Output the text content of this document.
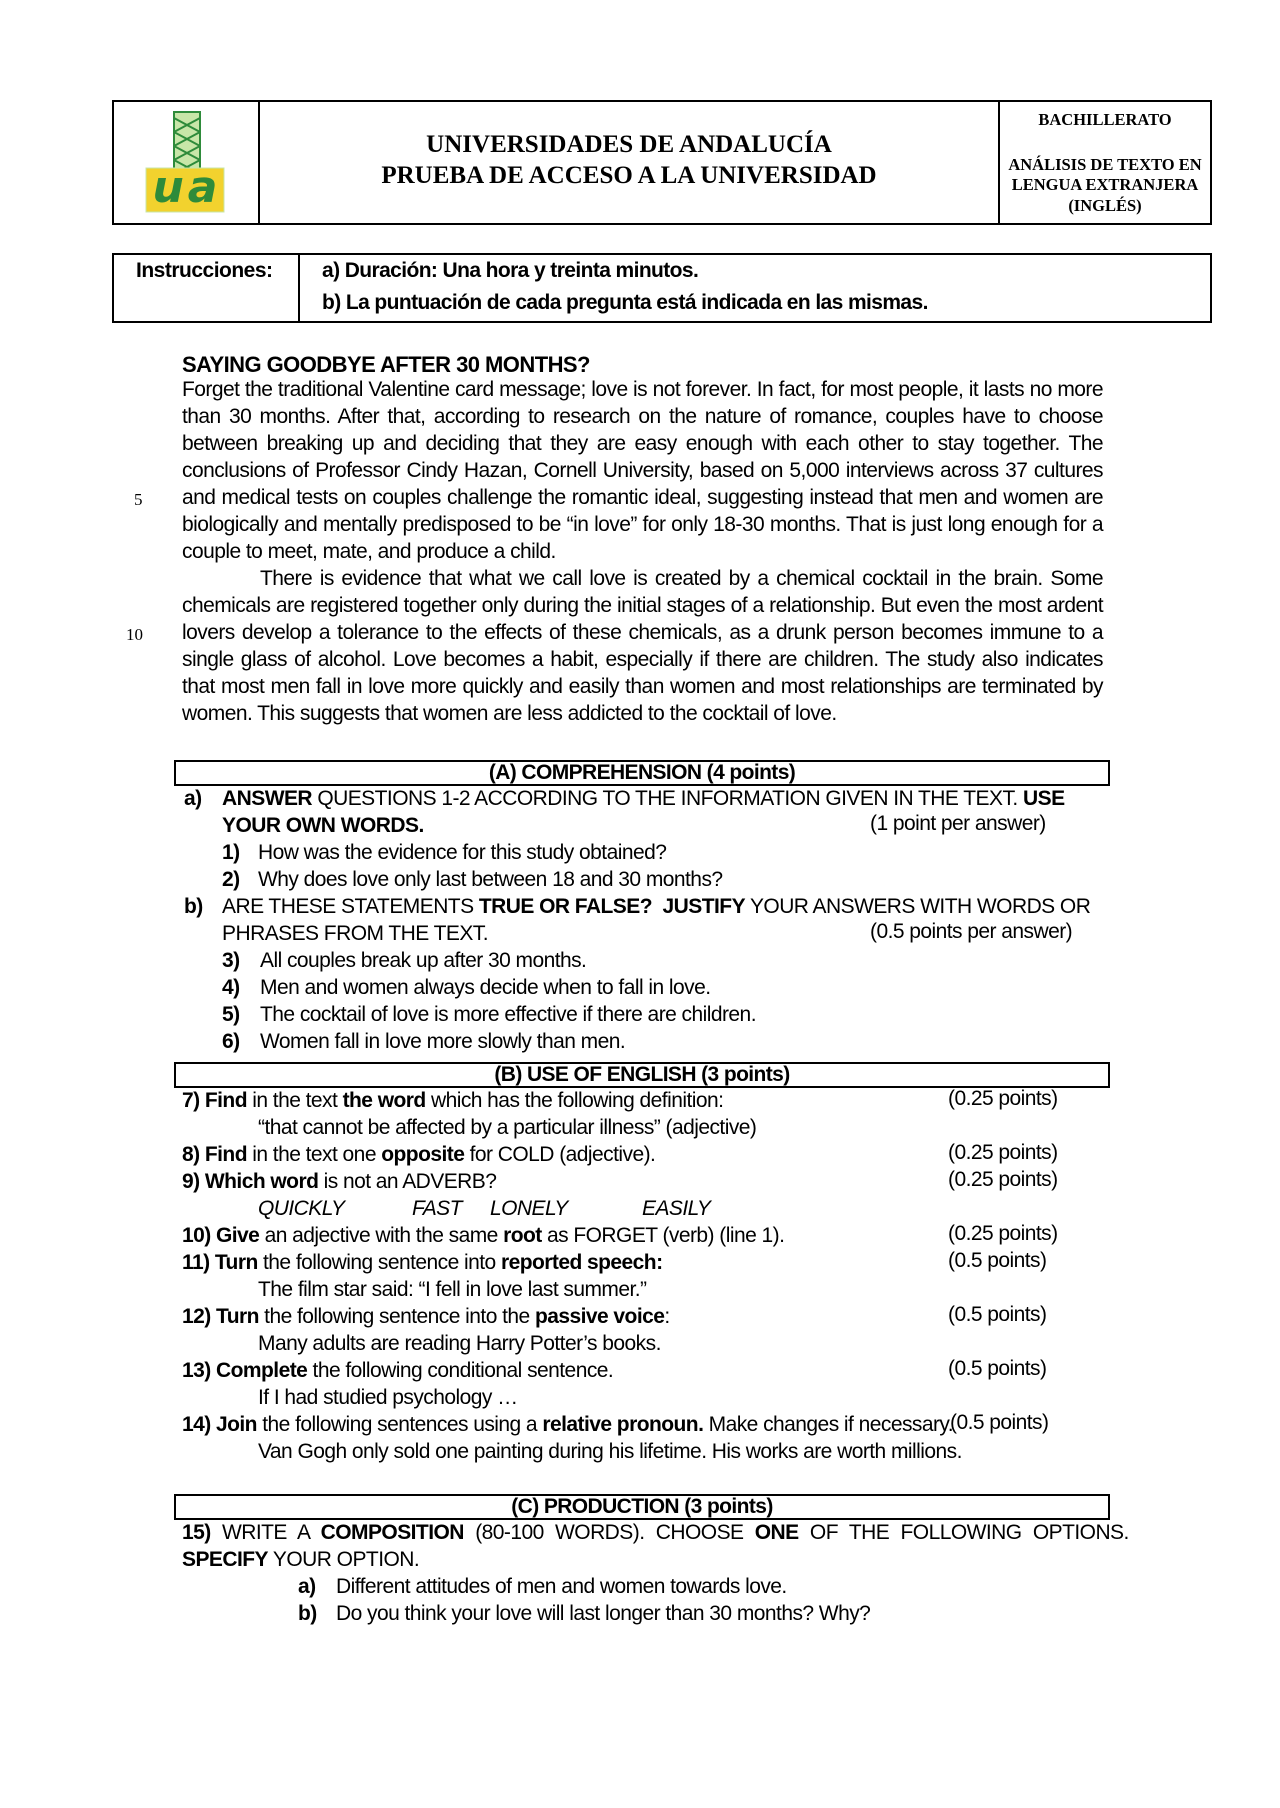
ua
UNIVERSIDADES DE ANDALUCÍA
PRUEBA DE ACCESO A LA UNIVERSIDAD
BACHILLERATO
ANÁLISIS DE TEXTO EN
LENGUA EXTRANJERA
(INGLÉS)
Instrucciones:	a) Duración: Una hora y treinta minutos.
b) La puntuación de cada pregunta está indicada en las mismas.
SAYING GOODBYE AFTER 30 MONTHS?
Forget the traditional Valentine card message; love is not forever. In fact, for most people, it lasts no more
than 30 months. After that, according to research on the nature of romance, couples have to choose
between breaking up and deciding that they are easy enough with each other to stay together. The
conclusions of Professor Cindy Hazan, Cornell University, based on 5,000 interviews across 37 cultures
and medical tests on couples challenge the romantic ideal, suggesting instead that men and women are
biologically and mentally predisposed to be “in love” for only 18-30 months. That is just long enough for a
couple to meet, mate, and produce a child.
5
There is evidence that what we call love is created by a chemical cocktail in the brain. Some
chemicals are registered together only during the initial stages of a relationship. But even the most ardent
lovers develop a tolerance to the effects of these chemicals, as a drunk person becomes immune to a
single glass of alcohol. Love becomes a habit, especially if there are children. The study also indicates
that most men fall in love more quickly and easily than women and most relationships are terminated by
women. This suggests that women are less addicted to the cocktail of love.
10
(A) COMPREHENSION (4 points)
a) ANSWER QUESTIONS 1-2 ACCORDING TO THE INFORMATION GIVEN IN THE TEXT. USE
YOUR OWN WORDS.	(1 point per answer)
1) How was the evidence for this study obtained?
2) Why does love only last between 18 and 30 months?
b) ARE THESE STATEMENTS TRUE OR FALSE? JUSTIFY YOUR ANSWERS WITH WORDS OR
PHRASES FROM THE TEXT.	(0.5 points per answer)
3) All couples break up after 30 months.
4) Men and women always decide when to fall in love.
5) The cocktail of love is more effective if there are children.
6) Women fall in love more slowly than men.
(B) USE OF ENGLISH (3 points)
7) Find in the text the word which has the following definition:	(0.25 points)
“that cannot be affected by a particular illness” (adjective)
8) Find in the text one opposite for COLD (adjective).	(0.25 points)
9) Which word is not an ADVERB?	(0.25 points)
QUICKLY	FAST LONELY	EASILY
10) Give an adjective with the same root as FORGET (verb) (line 1).	(0.25 points)
11) Turn the following sentence into reported speech:	(0.5 points)
The film star said: “I fell in love last summer.”
12) Turn the following sentence into the passive voice:	(0.5 points)
Many adults are reading Harry Potter’s books.
13) Complete the following conditional sentence.	(0.5 points)
If I had studied psychology …
14) Join the following sentences using a relative pronoun. Make changes if necessary.
(0.5 points)
Van Gogh only sold one painting during his lifetime. His works are worth millions.
(C) PRODUCTION (3 points)
15) WRITE A COMPOSITION (80-100 WORDS). CHOOSE ONE OF THE FOLLOWING OPTIONS.
SPECIFY YOUR OPTION.
a) Different attitudes of men and women towards love.
b) Do you think your love will last longer than 30 months? Why?
